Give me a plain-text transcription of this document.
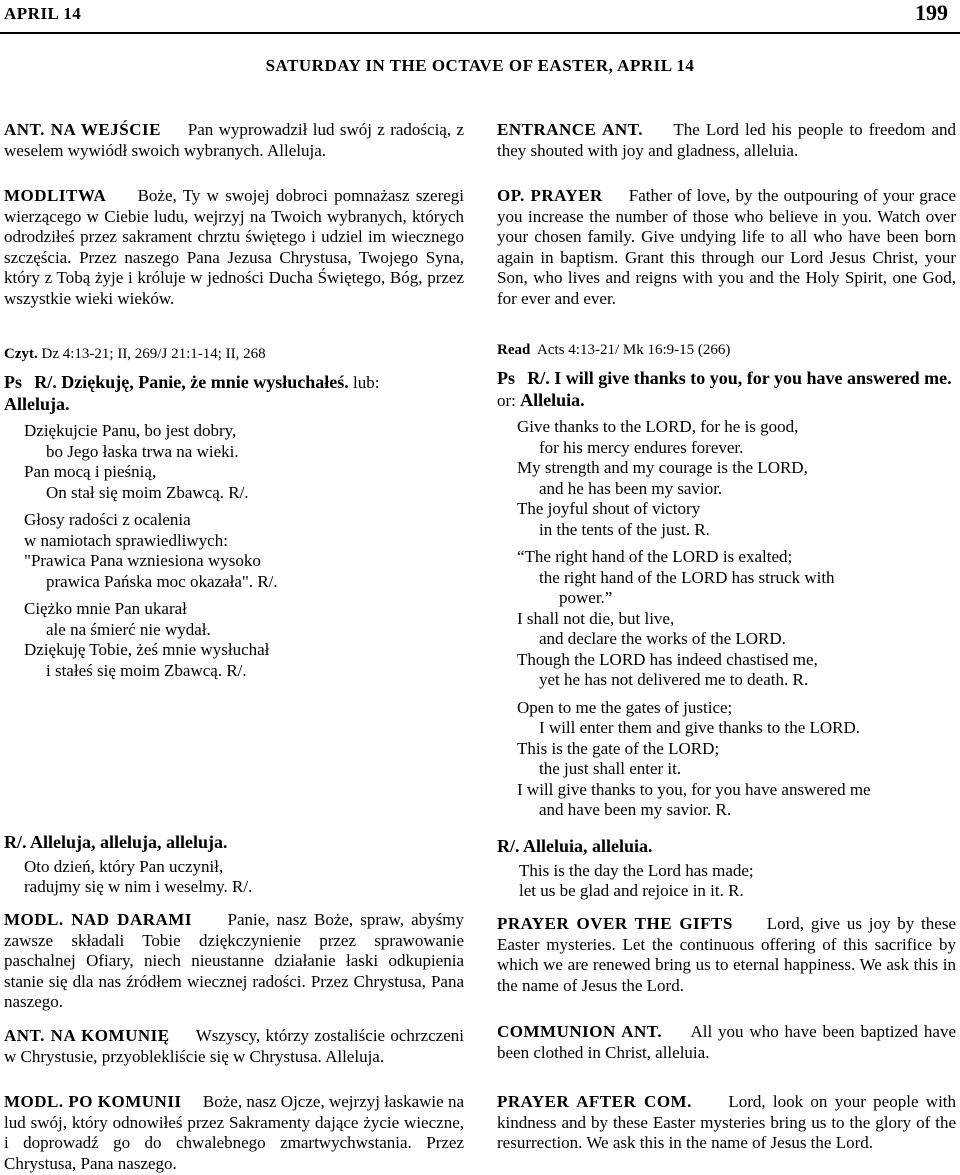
APRIL 14	199
SATURDAY IN THE OCTAVE OF EASTER, APRIL 14
ANT. NA WEJŚCIE Pan wyprowadził lud swój z radością, z weselem wywiódł swoich wybranych. Alleluja.
MODLITWA Boże, Ty w swojej dobroci pomnażasz szeregi wierzącego w Ciebie ludu, wejrzyj na Twoich wybranych, których odrodziłeś przez sakrament chrztu świętego i udziel im wiecznego szczęścia. Przez naszego Pana Jezusa Chrystusa, Twojego Syna, który z Tobą żyje i króluje w jedności Ducha Świętego, Bóg, przez wszystkie wieki wieków.
Czyt. Dz 4:13-21; II, 269/J 21:1-14; II, 268
Ps R/. Dziękuję, Panie, że mnie wysłuchałeś. lub:
Alleluja.
Dziękujcie Panu, bo jest dobry,
bo Jego łaska trwa na wieki.
Pan mocą i pieśnią,
On stał się moim Zbawcą. R/.
Głosy radości z ocalenia
w namiotach sprawiedliwych:
"Prawica Pana wzniesiona wysoko
prawica Pańska moc okazała". R/.
Ciężko mnie Pan ukarał
ale na śmierć nie wydał.
Dziękuję Tobie, żeś mnie wysłuchał
i stałeś się moim Zbawcą. R/.
R/. Alleluja, alleluja, alleluja.
Oto dzień, który Pan uczynił,
radujmy się w nim i weselmy. R/.
MODL. NAD DARAMI Panie, nasz Boże, spraw, abyśmy zawsze składali Tobie dziękczynienie przez sprawowanie paschalnej Ofiary, niech nieustanne działanie łaski odkupienia stanie się dla nas źródłem wiecznej radości. Przez Chrystusa, Pana naszego.
ANT. NA KOMUNIĘ Wszyscy, którzy zostaliście ochrzczeni w Chrystusie, przyoblekliście się w Chrystusa. Alleluja.
MODL. PO KOMUNII Boże, nasz Ojcze, wejrzyj łaskawie na lud swój, który odnowiłeś przez Sakramenty dające życie wieczne, i doprowadź go do chwalebnego zmartwychwstania. Przez Chrystusa, Pana naszego.
ENTRANCE ANT. The Lord led his people to freedom and they shouted with joy and gladness, alleluia.
OP. PRAYER Father of love, by the outpouring of your grace you increase the number of those who believe in you. Watch over your chosen family. Give undying life to all who have been born again in baptism. Grant this through our Lord Jesus Christ, your Son, who lives and reigns with you and the Holy Spirit, one God, for ever and ever.
Read Acts 4:13-21/ Mk 16:9-15 (266)
Ps R/. I will give thanks to you, for you have answered me. or: Alleluia.
Give thanks to the LORD, for he is good,
for his mercy endures forever.
My strength and my courage is the LORD,
and he has been my savior.
The joyful shout of victory
in the tents of the just. R.
“The right hand of the LORD is exalted;
the right hand of the LORD has struck with
power.”
I shall not die, but live,
and declare the works of the LORD.
Though the LORD has indeed chastised me,
yet he has not delivered me to death. R.
Open to me the gates of justice;
I will enter them and give thanks to the LORD.
This is the gate of the LORD;
the just shall enter it.
I will give thanks to you, for you have answered me
and have been my savior. R.
R/. Alleluia, alleluia.
This is the day the Lord has made;
let us be glad and rejoice in it. R.
PRAYER OVER THE GIFTS Lord, give us joy by these Easter mysteries. Let the continuous offering of this sacrifice by which we are renewed bring us to eternal happiness. We ask this in the name of Jesus the Lord.
COMMUNION ANT. All you who have been baptized have been clothed in Christ, alleluia.
PRAYER AFTER COM. Lord, look on your people with kindness and by these Easter mysteries bring us to the glory of the resurrection. We ask this in the name of Jesus the Lord.
